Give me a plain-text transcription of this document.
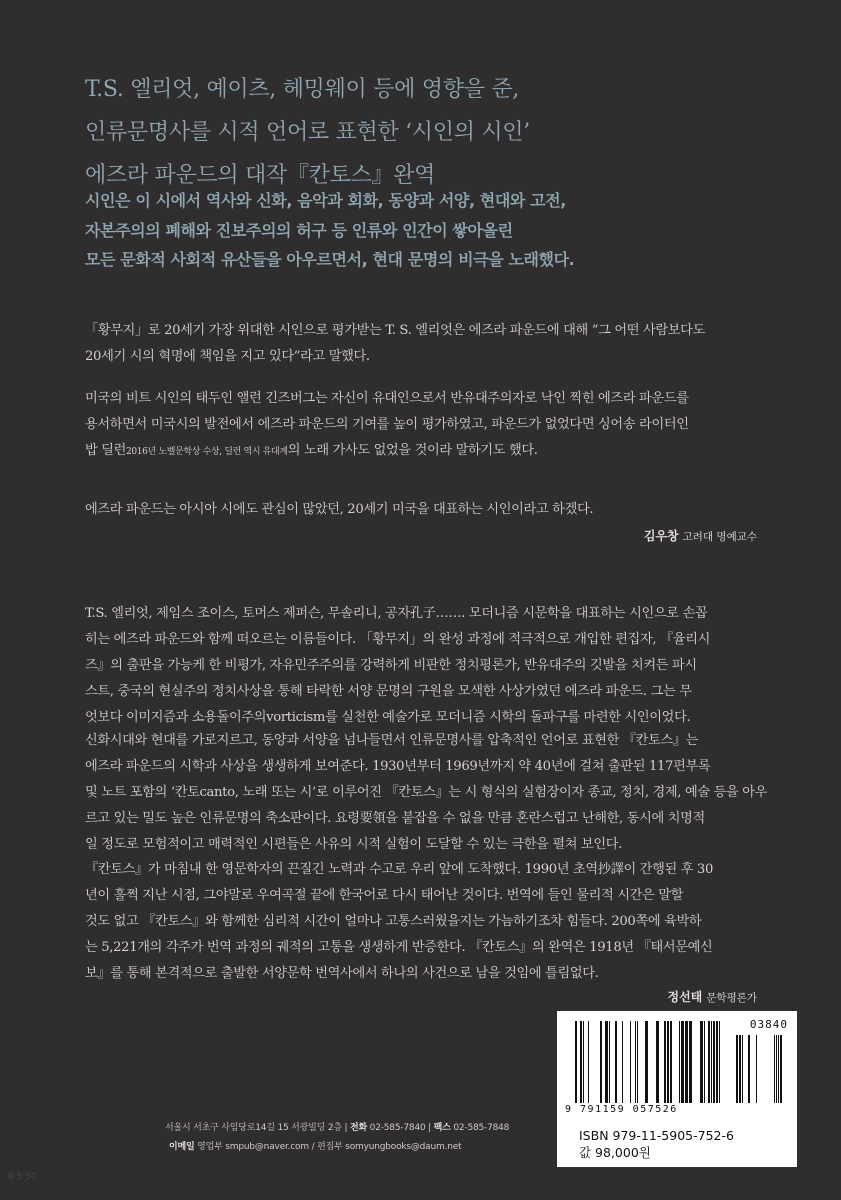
T.S. 엘리엇, 예이츠, 헤밍웨이 등에 영향을 준,

인류문명사를 시적 언어로 표현한 ‘시인의 시인’

에즈라 파운드의 대작『칸토스』완역

시인은 이 시에서 역사와 신화, 음악과 회화, 동양과 서양, 현대와 고전,

자본주의의 폐해와 진보주의의 허구 등 인류와 인간이 쌓아올린

모든 문화적 사회적 유산들을 아우르면서, 현대 문명의 비극을 노래했다.

「황무지」로 20세기 가장 위대한 시인으로 평가받는 T. S. 엘리엇은 에즈라 파운드에 대해 “그 어떤 사람보다도

20세기 시의 혁명에 책임을 지고 있다”라고 말했다.

미국의 비트 시인의 태두인 앨런 긴즈버그는 자신이 유대인으로서 반유대주의자로 낙인 찍힌 에즈라 파운드를

용서하면서 미국시의 발전에서 에즈라 파운드의 기여를 높이 평가하였고, 파운드가 없었다면 싱어송 라이터인

밥 딜런2016년 노벨문학상 수상, 딜런 역시 유대계의 노래 가사도 없었을 것이라 말하기도 했다.

에즈라 파운드는 아시아 시에도 관심이 많았던, 20세기 미국을 대표하는 시인이라고 하겠다.

김우창 고려대 명예교수

T.S. 엘리엇, 제임스 조이스, 토머스 제퍼슨, 무솔리니, 공자孔子……. 모더니즘 시문학을 대표하는 시인으로 손꼽

히는 에즈라 파운드와 함께 떠오르는 이름들이다. 「황무지」의 완성 과정에 적극적으로 개입한 편집자, 『율리시

즈』의 출판을 가능케 한 비평가, 자유민주주의를 강력하게 비판한 정치평론가, 반유대주의 깃발을 치켜든 파시

스트, 중국의 현실주의 정치사상을 통해 타락한 서양 문명의 구원을 모색한 사상가였던 에즈라 파운드. 그는 무

엇보다 이미지즘과 소용돌이주의vorticism를 실천한 예술가로 모더니즘 시학의 돌파구를 마련한 시인이었다.

신화시대와 현대를 가로지르고, 동양과 서양을 넘나들면서 인류문명사를 압축적인 언어로 표현한 『칸토스』는

에즈라 파운드의 시학과 사상을 생생하게 보여준다. 1930년부터 1969년까지 약 40년에 걸쳐 출판된 117편부록

및 노트 포함의 ‘칸토canto, 노래 또는 시’로 이루어진 『칸토스』는 시 형식의 실험장이자 종교, 정치, 경제, 예술 등을 아우

르고 있는 밀도 높은 인류문명의 축소판이다. 요령要領을 붙잡을 수 없을 만큼 혼란스럽고 난해한, 동시에 치명적

일 정도로 모험적이고 매력적인 시편들은 사유의 시적 실험이 도달할 수 있는 극한을 펼쳐 보인다.

『칸토스』가 마침내 한 영문학자의 끈질긴 노력과 수고로 우리 앞에 도착했다. 1990년 초역抄譯이 간행된 후 30

년이 훌쩍 지난 시점, 그야말로 우여곡절 끝에 한국어로 다시 태어난 것이다. 번역에 들인 물리적 시간은 말할

것도 없고 『칸토스』와 함께한 심리적 시간이 얼마나 고통스러웠을지는 가늠하기조차 힘들다. 200쪽에 육박하

는 5,221개의 각주가 번역 과정의 궤적의 고통을 생생하게 반증한다. 『칸토스』의 완역은 1918년 『태서문예신

보』를 통해 본격적으로 출발한 서양문학 번역사에서 하나의 사건으로 남을 것임에 틀림없다.

정선태 문학평론가

서울시 서초구 사임당로14길 15 서광빌딩 2층 | 전화 02-585-7840 | 팩스 02-585-7848

이메일 영업부 smpub@naver.com / 편집부 somyungbooks@daum.net

03840
9 791159 057526

ISBN 979-11-5905-752-6

값 98,000원

0·5·50
